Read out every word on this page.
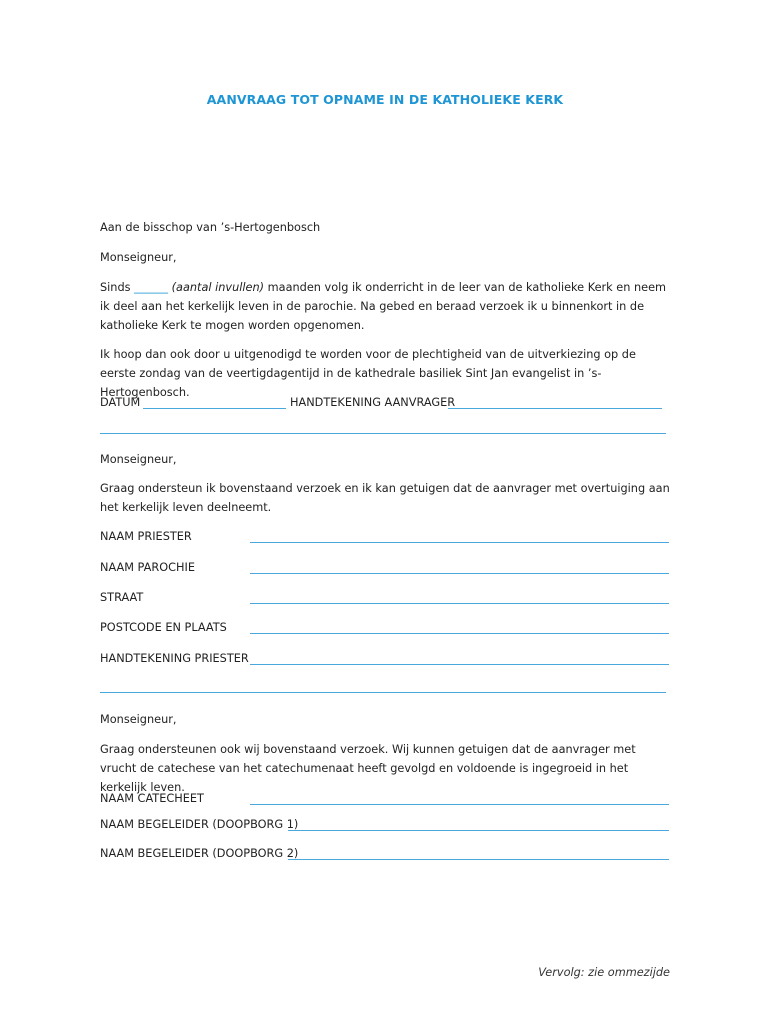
AANVRAAG TOT OPNAME IN DE KATHOLIEKE KERK
Aan de bisschop van ’s-Hertogenbosch
Monseigneur,
Sinds ______ (aantal invullen) maanden volg ik onderricht in de leer van de katholieke Kerk en neem ik deel aan het kerkelijk leven in de parochie. Na gebed en beraad verzoek ik u binnenkort in de katholieke Kerk te mogen worden opgenomen.
Ik hoop dan ook door u uitgenodigd te worden voor de plechtigheid van de uitverkiezing op de eerste zondag van de veertigdagentijd in de kathedrale basiliek Sint Jan evangelist in ’s-Hertogenbosch.
DATUM	HANDTEKENING AANVRAGER
Monseigneur,
Graag ondersteun ik bovenstaand verzoek en ik kan getuigen dat de aanvrager met overtuiging aan het kerkelijk leven deelneemt.
NAAM PRIESTER
NAAM PAROCHIE
STRAAT
POSTCODE EN PLAATS
HANDTEKENING PRIESTER
Monseigneur,
Graag ondersteunen ook wij bovenstaand verzoek. Wij kunnen getuigen dat de aanvrager met vrucht de catechese van het catechumenaat heeft gevolgd en voldoende is ingegroeid in het kerkelijk leven.
NAAM CATECHEET
NAAM BEGELEIDER (DOOPBORG 1)
NAAM BEGELEIDER (DOOPBORG 2)
Vervolg: zie ommezijde
